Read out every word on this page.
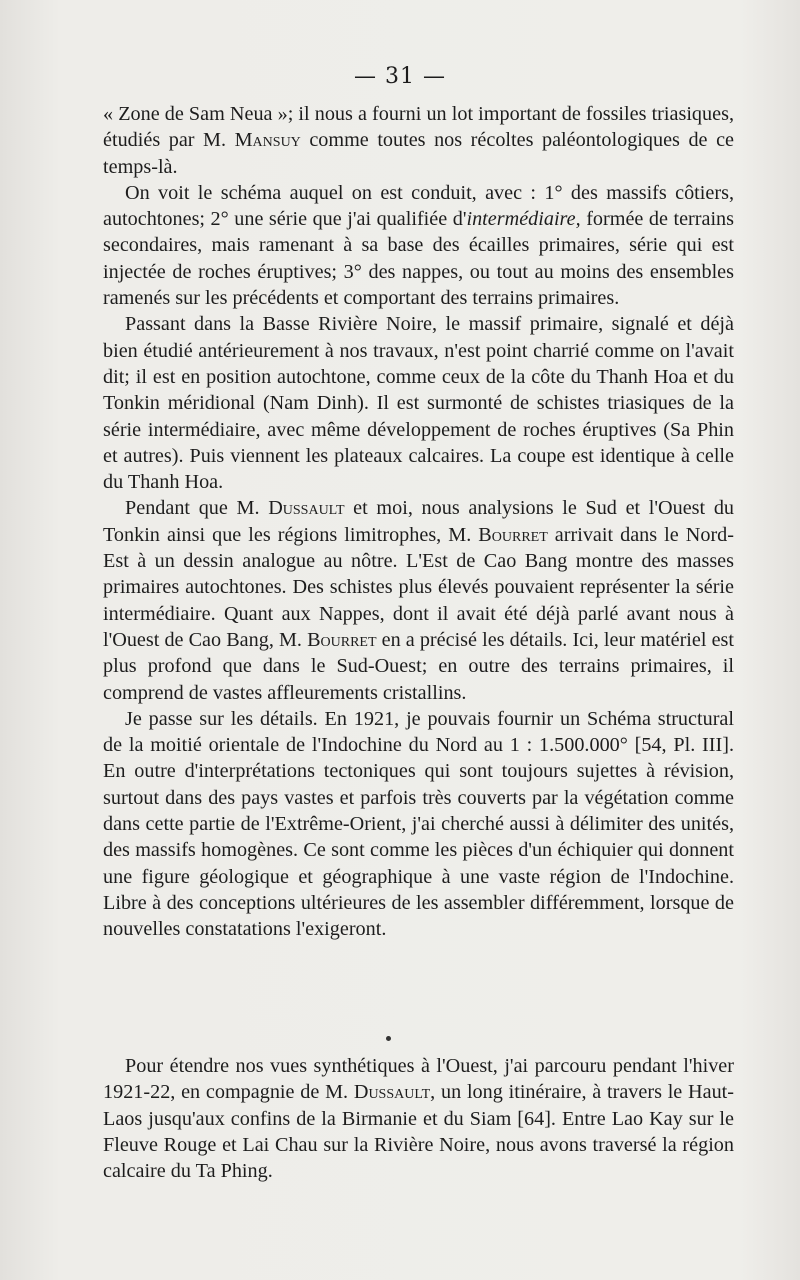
— 31 —

« Zone de Sam Neua »; il nous a fourni un lot important de fossiles triasiques, étudiés par M. Mansuy comme toutes nos récoltes paléontologiques de ce temps-là.

On voit le schéma auquel on est conduit, avec : 1° des massifs côtiers, autochtones; 2° une série que j'ai qualifiée d'intermédiaire, formée de terrains secondaires, mais ramenant à sa base des écailles primaires, série qui est injectée de roches éruptives; 3° des nappes, ou tout au moins des ensembles ramenés sur les précédents et comportant des terrains primaires.

Passant dans la Basse Rivière Noire, le massif primaire, signalé et déjà bien étudié antérieurement à nos travaux, n'est point charrié comme on l'avait dit; il est en position autochtone, comme ceux de la côte du Thanh Hoa et du Tonkin méridional (Nam Dinh). Il est surmonté de schistes triasiques de la série intermédiaire, avec même développement de roches éruptives (Sa Phin et autres). Puis viennent les plateaux calcaires. La coupe est identique à celle du Thanh Hoa.

Pendant que M. Dussault et moi, nous analysions le Sud et l'Ouest du Tonkin ainsi que les régions limitrophes, M. Bourret arrivait dans le Nord-Est à un dessin analogue au nôtre. L'Est de Cao Bang montre des masses primaires autochtones. Des schistes plus élevés pouvaient représenter la série intermédiaire. Quant aux Nappes, dont il avait été déjà parlé avant nous à l'Ouest de Cao Bang, M. Bourret en a précisé les détails. Ici, leur matériel est plus profond que dans le Sud-Ouest; en outre des terrains primaires, il comprend de vastes affleurements cristallins.

Je passe sur les détails. En 1921, je pouvais fournir un Schéma structural de la moitié orientale de l'Indochine du Nord au 1 : 1.500.000° [54, Pl. III]. En outre d'interprétations tectoniques qui sont toujours sujettes à révision, surtout dans des pays vastes et parfois très couverts par la végétation comme dans cette partie de l'Extrême-Orient, j'ai cherché aussi à délimiter des unités, des massifs homogènes. Ce sont comme les pièces d'un échiquier qui donnent une figure géologique et géographique à une vaste région de l'Indochine. Libre à des conceptions ultérieures de les assembler différemment, lorsque de nouvelles constatations l'exigeront.

Pour étendre nos vues synthétiques à l'Ouest, j'ai parcouru pendant l'hiver 1921-22, en compagnie de M. Dussault, un long itinéraire, à travers le Haut-Laos jusqu'aux confins de la Birmanie et du Siam [64]. Entre Lao Kay sur le Fleuve Rouge et Lai Chau sur la Rivière Noire, nous avons traversé la région calcaire du Ta Phing.
